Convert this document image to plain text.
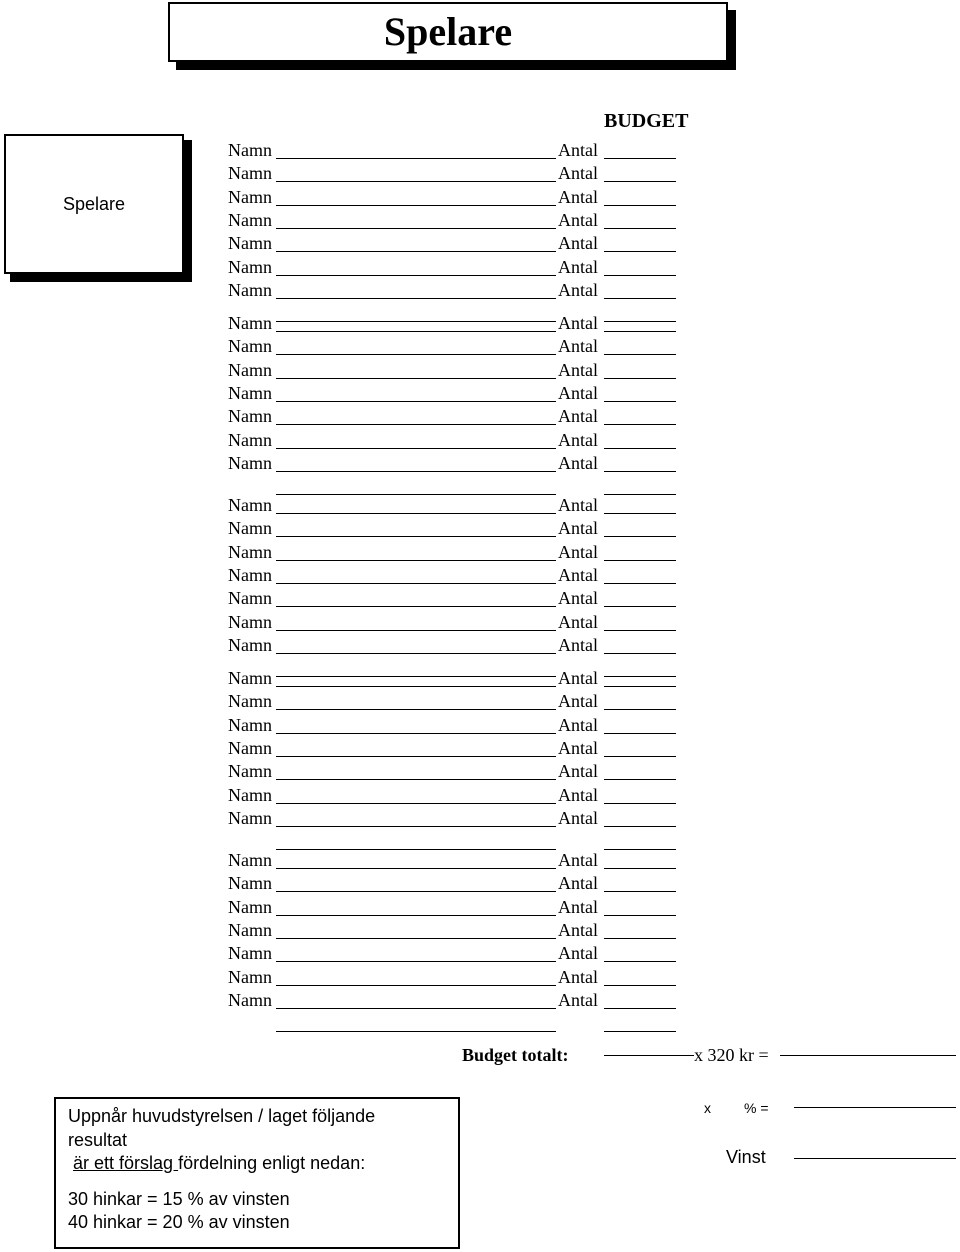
Spelare
Spelare
BUDGET
Namn	Antal
Namn	Antal
Namn	Antal
Namn	Antal
Namn	Antal
Namn	Antal
Namn	Antal
Namn	Antal
Namn	Antal
Namn	Antal
Namn	Antal
Namn	Antal
Namn	Antal
Namn	Antal
Namn	Antal
Namn	Antal
Namn	Antal
Namn	Antal
Namn	Antal
Namn	Antal
Namn	Antal
Namn	Antal
Namn	Antal
Namn	Antal
Namn	Antal
Namn	Antal
Namn	Antal
Namn	Antal
Namn	Antal
Namn	Antal
Namn	Antal
Namn	Antal
Namn	Antal
Namn	Antal
Namn	Antal
Budget totalt:	x 320 kr =

Uppnår huvudstyrelsen / laget följande

resultat

är ett förslag fördelning enligt nedan:

30 hinkar = 15 % av vinsten

40 hinkar = 20 % av vinsten

x % =
Vinst
